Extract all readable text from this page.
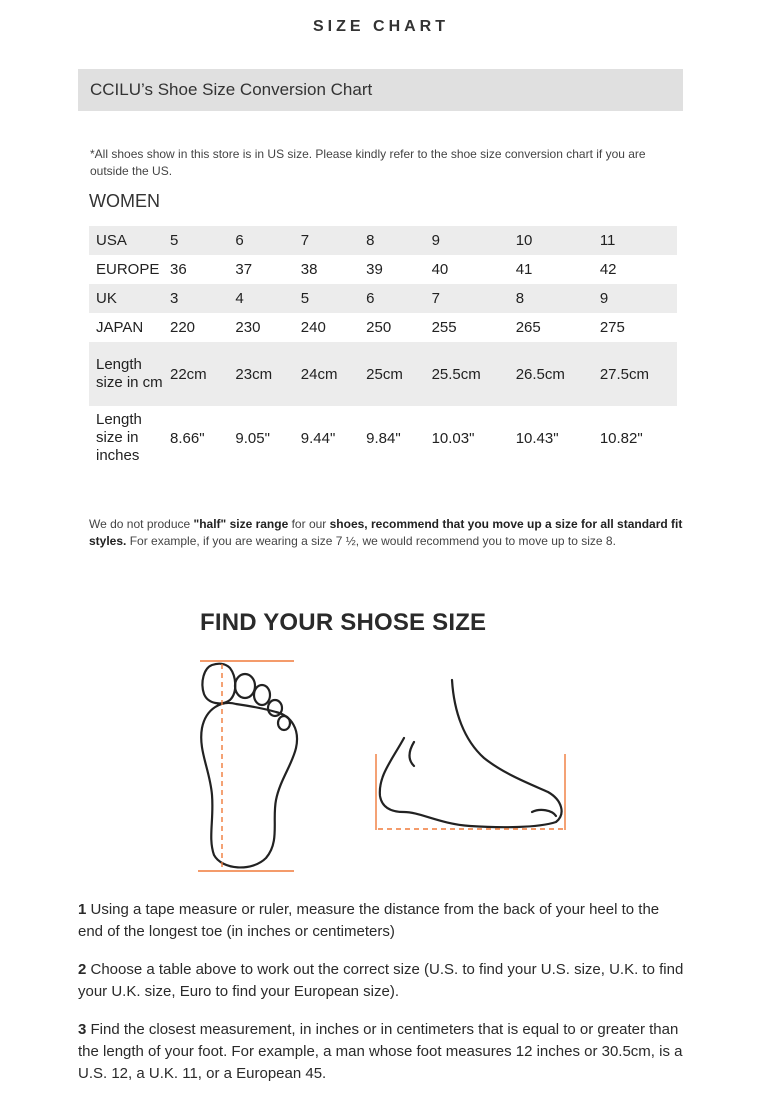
SIZE CHART
CCILU’s Shoe Size Conversion Chart
*All shoes show in this store is in US size. Please kindly refer to the shoe size conversion chart if you are outside the US.
WOMEN
USA	5	6	7	8	9	10	11
EUROPE	36	37	38	39	40	41	42
UK	3	4	5	6	7	8	9
JAPAN	220	230	240	250	255	265	275
Length size in cm	22cm	23cm	24cm	25cm	25.5cm	26.5cm	27.5cm
Length size in inches	8.66"	9.05"	9.44"	9.84"	10.03"	10.43"	10.82"
We do not produce "half" size range for our shoes, recommend that you move up a size for all standard fit styles. For example, if you are wearing a size 7 ½, we would recommend you to move up to size 8.
FIND YOUR SHOSE SIZE
1 Using a tape measure or ruler, measure the distance from the back of your heel to the end of the longest toe (in inches or centimeters)
2 Choose a table above to work out the correct size (U.S. to find your U.S. size, U.K. to find your U.K. size, Euro to find your European size).
3 Find the closest measurement, in inches or in centimeters that is equal to or greater than the length of your foot. For example, a man whose foot measures 12 inches or 30.5cm, is a U.S. 12, a U.K. 11, or a European 45.
